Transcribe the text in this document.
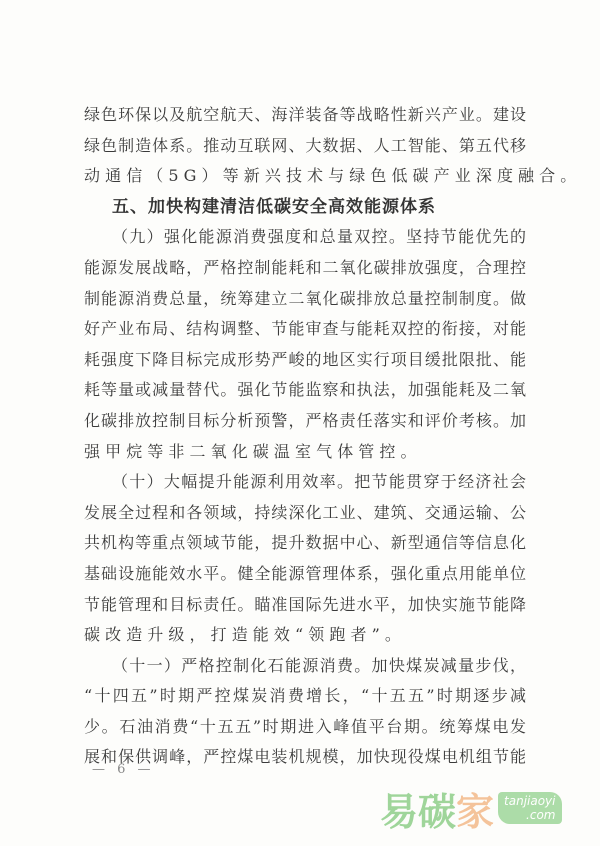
绿色环保以及航空航天、海洋装备等战略性新兴产业。建设
绿色制造体系。推动互联网、大数据、人工智能、第五代移
动通信（5G）等新兴技术与绿色低碳产业深度融合。
五、加快构建清洁低碳安全高效能源体系
（九）强化能源消费强度和总量双控。坚持节能优先的
能源发展战略，严格控制能耗和二氧化碳排放强度，合理控
制能源消费总量，统筹建立二氧化碳排放总量控制制度。做
好产业布局、结构调整、节能审查与能耗双控的衔接，对能
耗强度下降目标完成形势严峻的地区实行项目缓批限批、能
耗等量或减量替代。强化节能监察和执法，加强能耗及二氧
化碳排放控制目标分析预警，严格责任落实和评价考核。加
强甲烷等非二氧化碳温室气体管控。
（十）大幅提升能源利用效率。把节能贯穿于经济社会
发展全过程和各领域，持续深化工业、建筑、交通运输、公
共机构等重点领域节能，提升数据中心、新型通信等信息化
基础设施能效水平。健全能源管理体系，强化重点用能单位
节能管理和目标责任。瞄准国际先进水平，加快实施节能降
碳改造升级，打造能效“领跑者”。
（十一）严格控制化石能源消费。加快煤炭减量步伐，
“十四五”时期严控煤炭消费增长，“十五五”时期逐步减
少。石油消费“十五五”时期进入峰值平台期。统筹煤电发
展和保供调峰，严控煤电装机规模，加快现役煤电机组节能
— 6 —
易碳 家 tanjiaoyi
.com
